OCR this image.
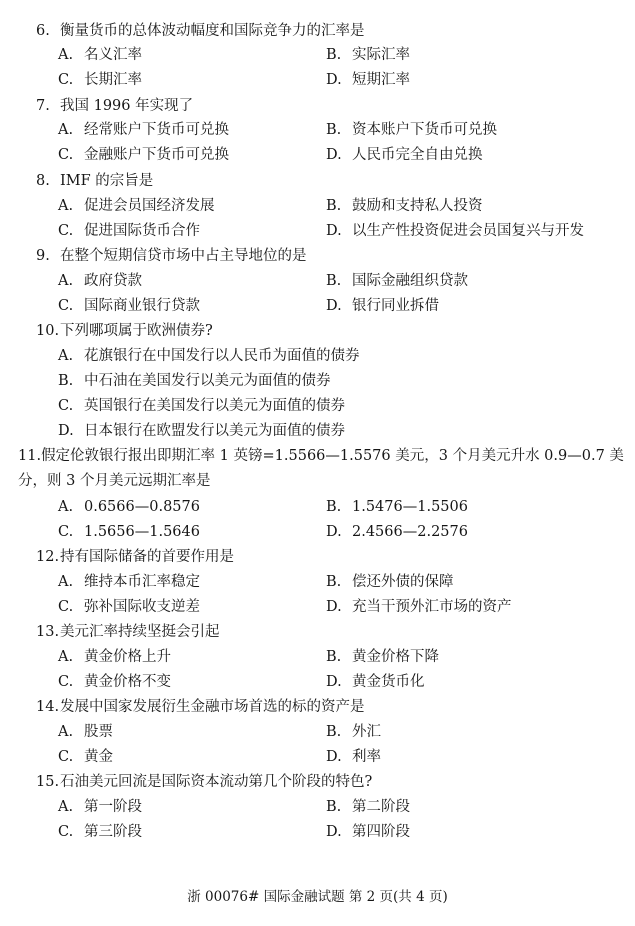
6. 衡量货币的总体波动幅度和国际竞争力的汇率是
A. 名义汇率	B. 实际汇率
C. 长期汇率	D. 短期汇率
7. 我国 1996 年实现了
A. 经常账户下货币可兑换	B. 资本账户下货币可兑换
C. 金融账户下货币可兑换	D. 人民币完全自由兑换
8. IMF 的宗旨是
A. 促进会员国经济发展	B. 鼓励和支持私人投资
C. 促进国际货币合作	D. 以生产性投资促进会员国复兴与开发
9. 在整个短期信贷市场中占主导地位的是
A. 政府贷款	B. 国际金融组织贷款
C. 国际商业银行贷款	D. 银行同业拆借
10.下列哪项属于欧洲债券?
A. 花旗银行在中国发行以人民币为面值的债券
B. 中石油在美国发行以美元为面值的债券
C. 英国银行在美国发行以美元为面值的债券
D. 日本银行在欧盟发行以美元为面值的债券
11.假定伦敦银行报出即期汇率 1 英镑=1.5566—1.5576 美元，3 个月美元升水 0.9—0.7 美分，则 3 个月美元远期汇率是
A. 0.6566—0.8576	B. 1.5476—1.5506
C. 1.5656—1.5646	D. 2.4566—2.2576
12.持有国际储备的首要作用是
A. 维持本币汇率稳定	B. 偿还外债的保障
C. 弥补国际收支逆差	D. 充当干预外汇市场的资产
13.美元汇率持续坚挺会引起
A. 黄金价格上升	B. 黄金价格下降
C. 黄金价格不变	D. 黄金货币化
14.发展中国家发展衍生金融市场首选的标的资产是
A. 股票	B. 外汇
C. 黄金	D. 利率
15.石油美元回流是国际资本流动第几个阶段的特色?
A. 第一阶段	B. 第二阶段
C. 第三阶段	D. 第四阶段
浙 00076# 国际金融试题 第 2 页(共 4 页)
